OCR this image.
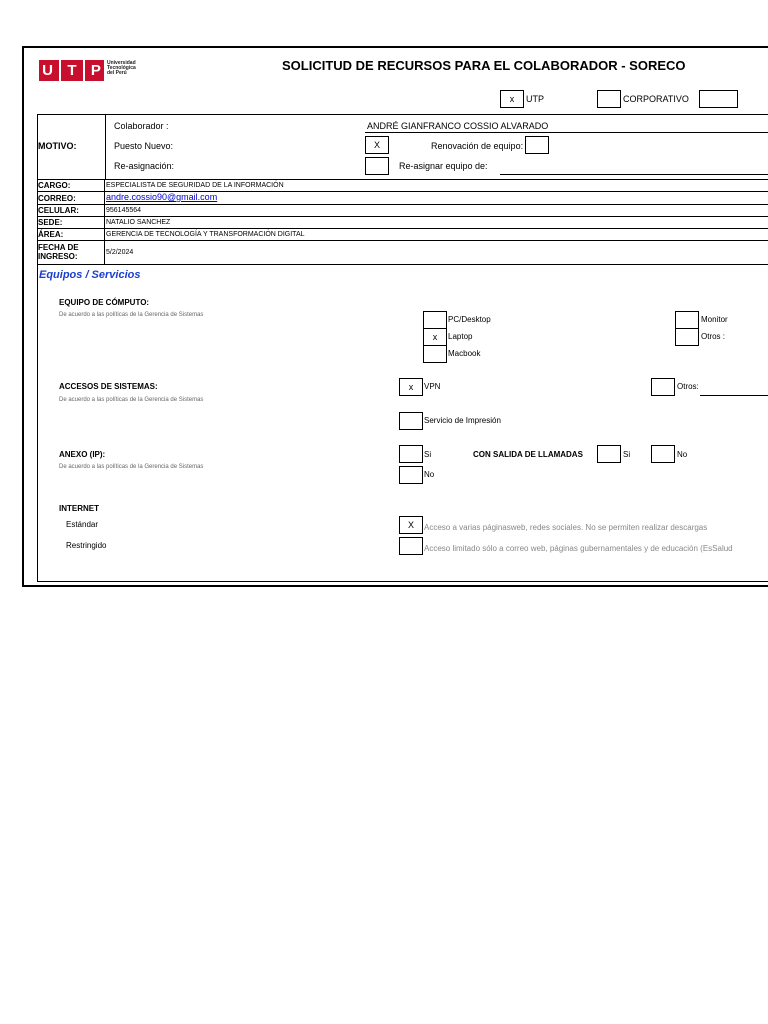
U T P Universidad
Tecnológica
del Perú	SOLICITUD DE RECURSOS PARA EL COLABORADOR - SORECO
x	UTP	CORPORATIVO
MOTIVO:
Colaborador :	ANDRÉ GIANFRANCO COSSIO ALVARADO
Puesto Nuevo:	X	Renovación de equipo:
Re-asignación:	Re-asignar equipo de:
CARGO:	ESPECIALISTA DE SEGURIDAD DE LA INFORMACIÓN
CORREO:	andre.cossio90@gmail.com
CELULAR:	956145564
SEDE:	NATALIO SANCHEZ
ÁREA:	GERENCIA DE TECNOLOGÍA Y TRANSFORMACIÓN DIGITAL
FECHA DE
INGRESO:	5/2/2024
Equipos / Servicios
EQUIPO DE CÓMPUTO:
De acuerdo a las políticas de la Gerencia de Sistemas	PC/Desktop
x	Laptop
Macbook
Monitor
Otros :
ACCESOS DE SISTEMAS:
De acuerdo a las políticas de la Gerencia de Sistemas
x	VPN	Otros:
Servicio de Impresión
ANEXO (IP):
De acuerdo a las políticas de la Gerencia de Sistemas
Si
No
CON SALIDA DE LLAMADAS	Si	No
INTERNET
Estándar	X	Acceso a varias páginasweb, redes sociales. No se permiten realizar descargas
Restringido	Acceso limitado sólo a correo web, páginas gubernamentales y de educación (EsSalud
